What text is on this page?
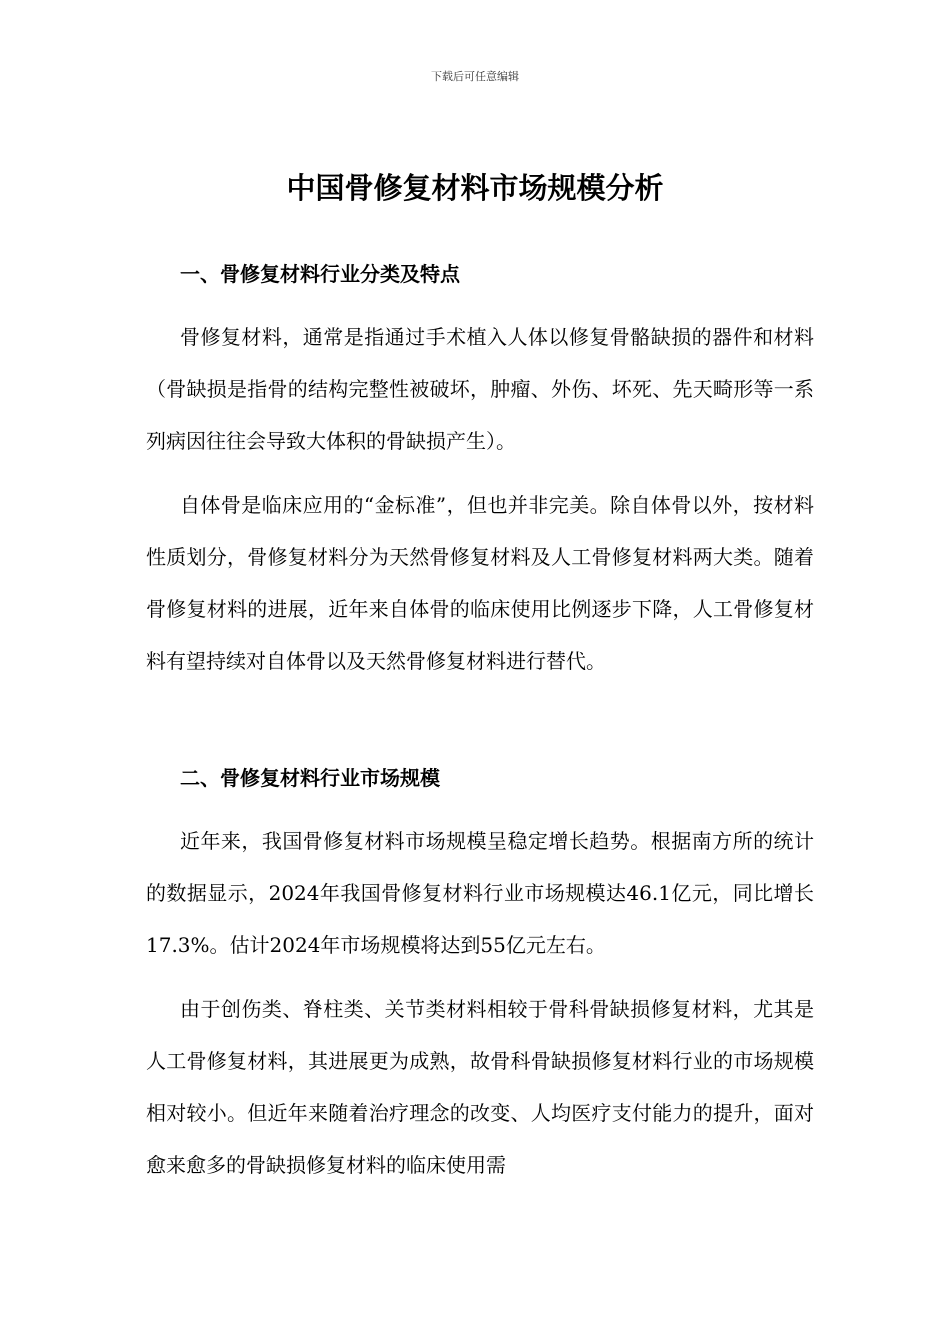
下载后可任意编辑
中国骨修复材料市场规模分析
一、骨修复材料行业分类及特点
骨修复材料，通常是指通过手术植入人体以修复骨骼缺损的器件和材料（骨缺损是指骨的结构完整性被破坏，肿瘤、外伤、坏死、先天畸形等一系列病因往往会导致大体积的骨缺损产生）。
自体骨是临床应用的“金标准”，但也并非完美。除自体骨以外，按材料性质划分，骨修复材料分为天然骨修复材料及人工骨修复材料两大类。随着骨修复材料的进展，近年来自体骨的临床使用比例逐步下降，人工骨修复材料有望持续对自体骨以及天然骨修复材料进行替代。
二、骨修复材料行业市场规模
近年来，我国骨修复材料市场规模呈稳定增长趋势。根据南方所的统计的数据显示，2024年我国骨修复材料行业市场规模达46.1亿元，同比增长17.3%。估计2024年市场规模将达到55亿元左右。
由于创伤类、脊柱类、关节类材料相较于骨科骨缺损修复材料，尤其是人工骨修复材料，其进展更为成熟，故骨科骨缺损修复材料行业的市场规模相对较小。但近年来随着治疗理念的改变、人均医疗支付能力的提升，面对愈来愈多的骨缺损修复材料的临床使用需
